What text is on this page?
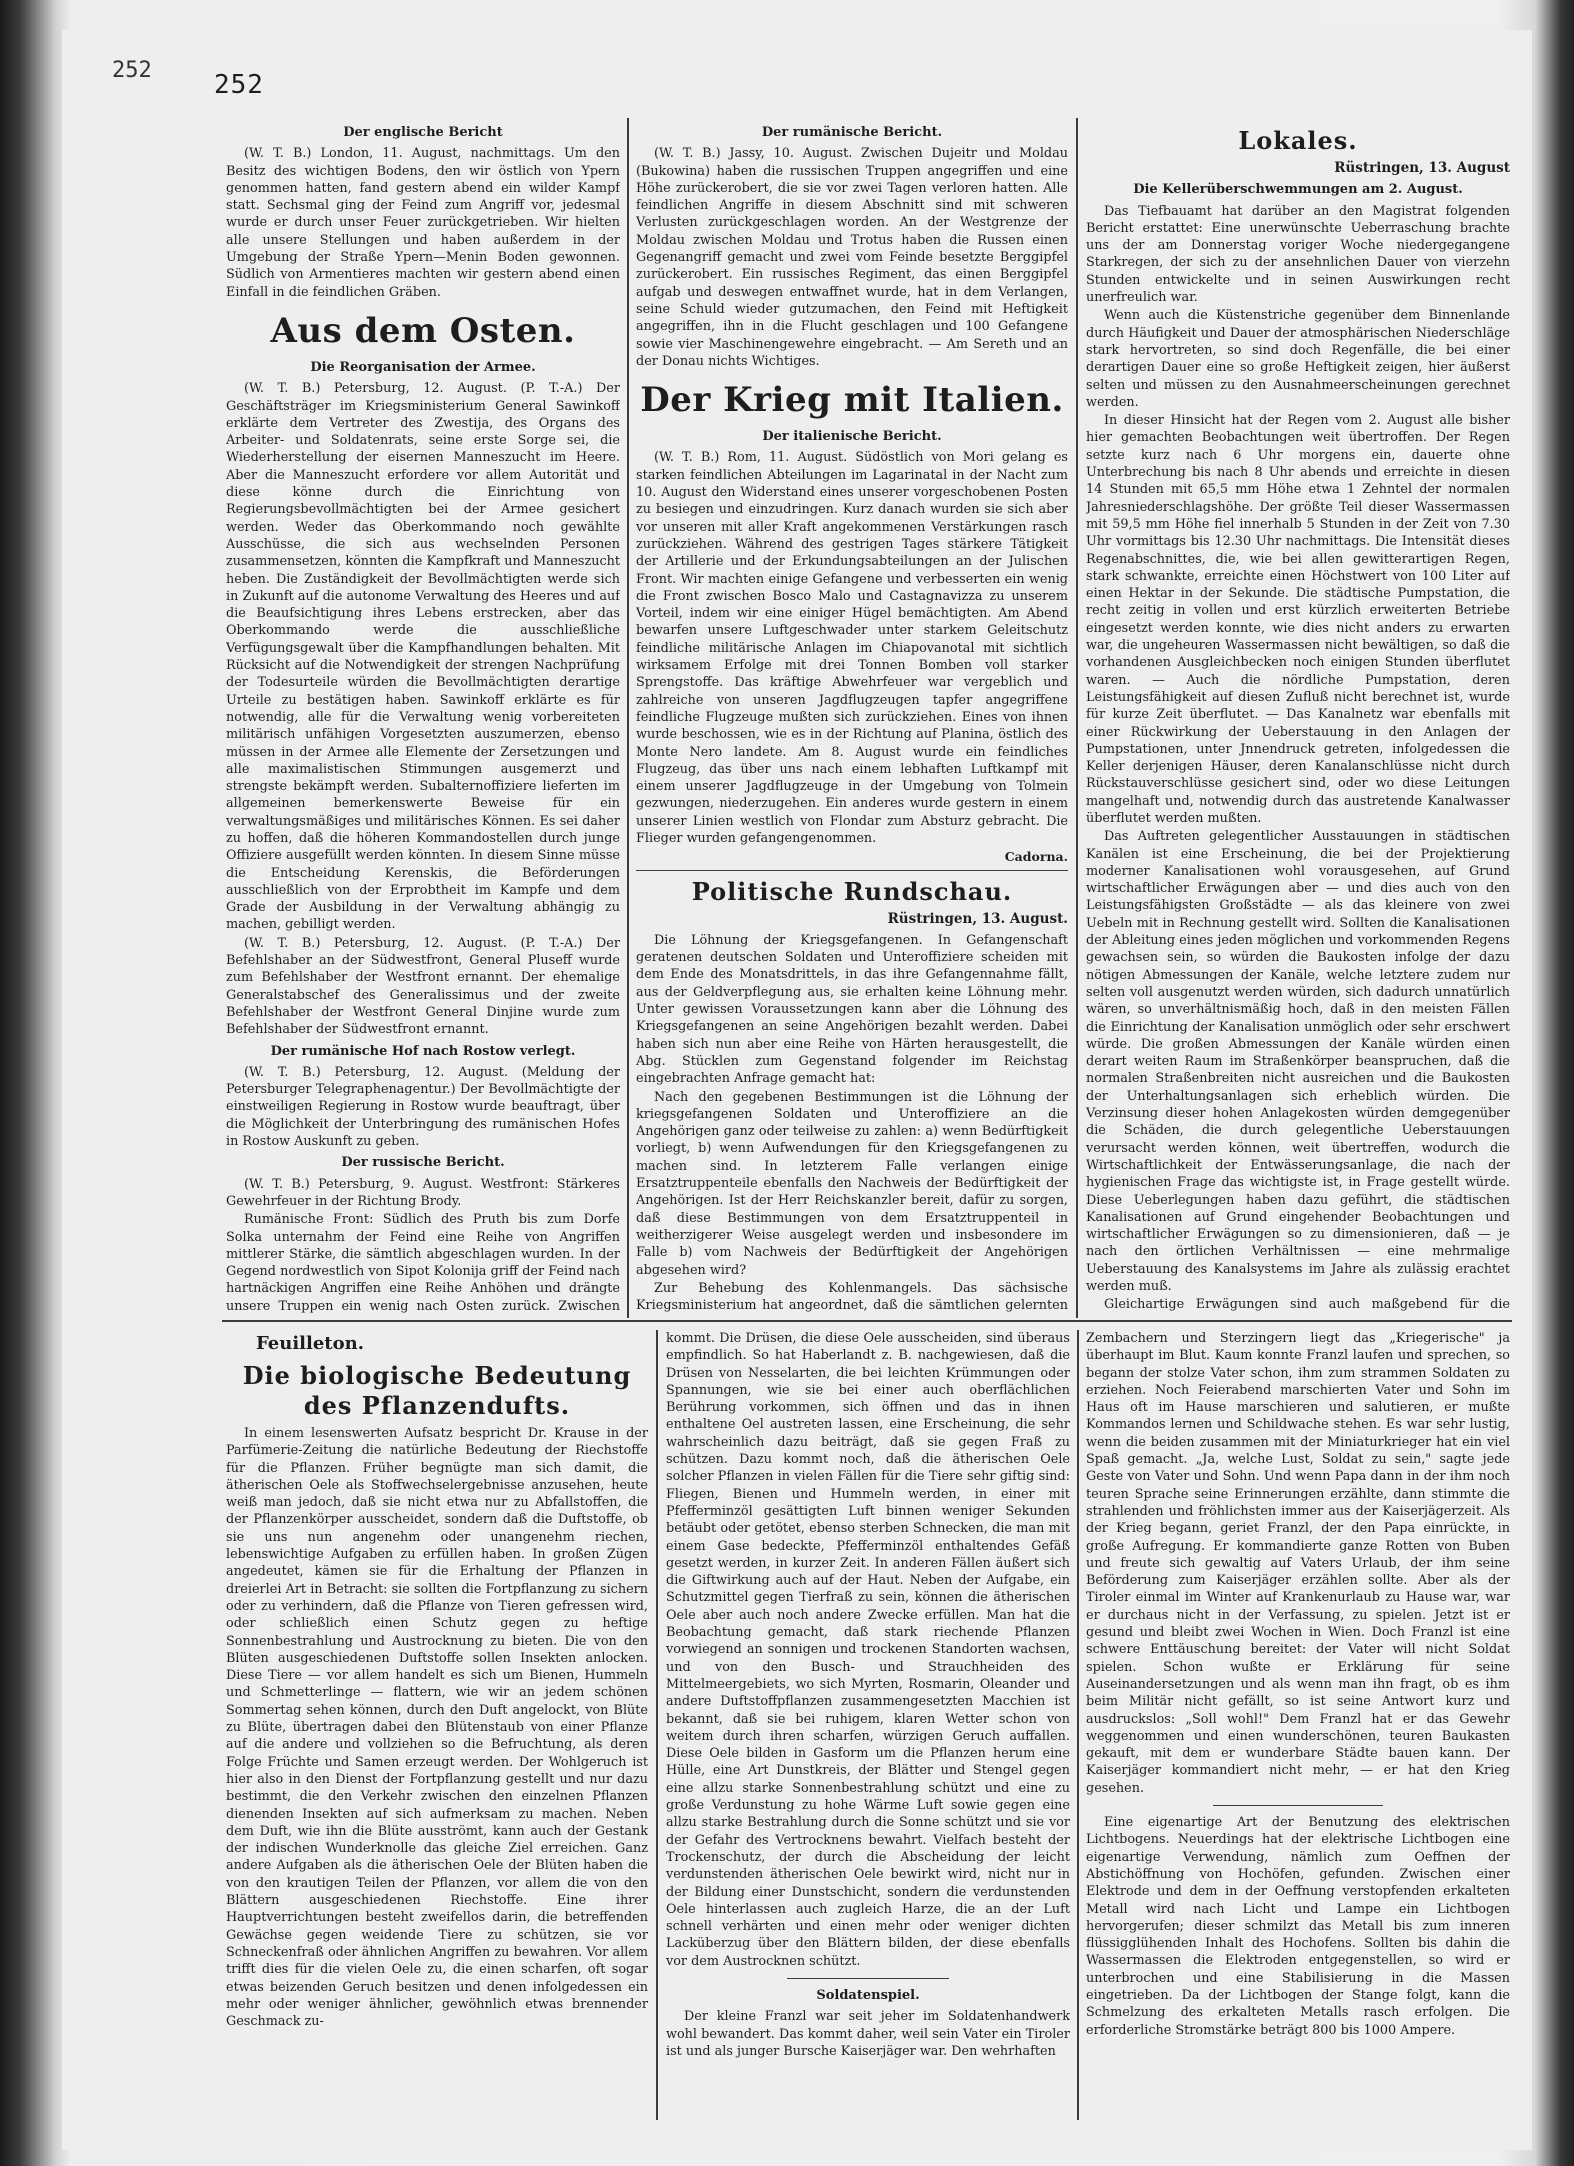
252 252
Der englische Bericht

(W. T. B.) London, 11. August, nachmittags. Um den Besitz des wichtigen Bodens, den wir östlich von Ypern genommen hatten, fand gestern abend ein wilder Kampf statt. Sechsmal ging der Feind zum Angriff vor, jedesmal wurde er durch unser Feuer zurückgetrieben. Wir hielten alle unsere Stellungen und haben außerdem in der Umgebung der Straße Ypern—Menin Boden gewonnen. Südlich von Armentieres machten wir gestern abend einen Einfall in die feindlichen Gräben.

Aus dem Osten.
Die Reorganisation der Armee.

(W. T. B.) Petersburg, 12. August. (P. T.-A.) Der Geschäftsträger im Kriegsministerium General Sawinkoff erklärte dem Vertreter des Zwestija, des Organs des Arbeiter- und Soldatenrats, seine erste Sorge sei, die Wiederherstellung der eisernen Manneszucht im Heere. Aber die Manneszucht erfordere vor allem Autorität und diese könne durch die Einrichtung von Regierungsbevollmächtigten bei der Armee gesichert werden. Weder das Oberkommando noch gewählte Ausschüsse, die sich aus wechselnden Personen zusammensetzen, könnten die Kampfkraft und Manneszucht heben. Die Zuständigkeit der Bevollmächtigten werde sich in Zukunft auf die autonome Verwaltung des Heeres und auf die Beaufsichtigung ihres Lebens erstrecken, aber das Oberkommando werde die ausschließliche Verfügungsgewalt über die Kampfhandlungen behalten. Mit Rücksicht auf die Notwendigkeit der strengen Nachprüfung der Todesurteile würden die Bevollmächtigten derartige Urteile zu bestätigen haben. Sawinkoff erklärte es für notwendig, alle für die Verwaltung wenig vorbereiteten militärisch unfähigen Vorgesetzten auszumerzen, ebenso müssen in der Armee alle Elemente der Zersetzungen und alle maximalistischen Stimmungen ausgemerzt und strengste bekämpft werden. Subalternoffiziere lieferten im allgemeinen bemerkenswerte Beweise für ein verwaltungsmäßiges und militärisches Können. Es sei daher zu hoffen, daß die höheren Kommandostellen durch junge Offiziere ausgefüllt werden könnten. In diesem Sinne müsse die Entscheidung Kerenskis, die Beförderungen ausschließlich von der Erprobtheit im Kampfe und dem Grade der Ausbildung in der Verwaltung abhängig zu machen, gebilligt werden.

(W. T. B.) Petersburg, 12. August. (P. T.-A.) Der Befehlshaber an der Südwestfront, General Pluseff wurde zum Befehlshaber der Westfront ernannt. Der ehemalige Generalstabschef des Generalissimus und der zweite Befehlshaber der Westfront General Dinjine wurde zum Befehlshaber der Südwestfront ernannt.

Der rumänische Hof nach Rostow verlegt.

(W. T. B.) Petersburg, 12. August. (Meldung der Petersburger Telegraphenagentur.) Der Bevollmächtigte der einstweiligen Regierung in Rostow wurde beauftragt, über die Möglichkeit der Unterbringung des rumänischen Hofes in Rostow Auskunft zu geben.

Der russische Bericht.

(W. T. B.) Petersburg, 9. August. Westfront: Stärkeres Gewehrfeuer in der Richtung Brody.

Rumänische Front: Südlich des Pruth bis zum Dorfe Solka unternahm der Feind eine Reihe von Angriffen mittlerer Stärke, die sämtlich abgeschlagen wurden. In der Gegend nordwestlich von Sipot Kolonija griff der Feind nach hartnäckigen Angriffen eine Reihe Anhöhen und drängte unsere Truppen ein wenig nach Osten zurück. Zwischen

Der rumänische Bericht.

(W. T. B.) Jassy, 10. August. Zwischen Dujeitr und Moldau (Bukowina) haben die russischen Truppen angegriffen und eine Höhe zurückerobert, die sie vor zwei Tagen verloren hatten. Alle feindlichen Angriffe in diesem Abschnitt sind mit schweren Verlusten zurückgeschlagen worden. An der Westgrenze der Moldau zwischen Moldau und Trotus haben die Russen einen Gegenangriff gemacht und zwei vom Feinde besetzte Berggipfel zurückerobert. Ein russisches Regiment, das einen Berggipfel aufgab und deswegen entwaffnet wurde, hat in dem Verlangen, seine Schuld wieder gutzumachen, den Feind mit Heftigkeit angegriffen, ihn in die Flucht geschlagen und 100 Gefangene sowie vier Maschinengewehre eingebracht. — Am Sereth und an der Donau nichts Wichtiges.

Der Krieg mit Italien.
Der italienische Bericht.

(W. T. B.) Rom, 11. August. Südöstlich von Mori gelang es starken feindlichen Abteilungen im Lagarinatal in der Nacht zum 10. August den Widerstand eines unserer vorgeschobenen Posten zu besiegen und einzudringen. Kurz danach wurden sie sich aber vor unseren mit aller Kraft angekommenen Verstärkungen rasch zurückziehen. Während des gestrigen Tages stärkere Tätigkeit der Artillerie und der Erkundungsabteilungen an der Julischen Front. Wir machten einige Gefangene und verbesserten ein wenig die Front zwischen Bosco Malo und Castagnavizza zu unserem Vorteil, indem wir eine einiger Hügel bemächtigten. Am Abend bewarfen unsere Luftgeschwader unter starkem Geleitschutz feindliche militärische Anlagen im Chiapovanotal mit sichtlich wirksamem Erfolge mit drei Tonnen Bomben voll starker Sprengstoffe. Das kräftige Abwehrfeuer war vergeblich und zahlreiche von unseren Jagdflugzeugen tapfer angegriffene feindliche Flugzeuge mußten sich zurückziehen. Eines von ihnen wurde beschossen, wie es in der Richtung auf Planina, östlich des Monte Nero landete. Am 8. August wurde ein feindliches Flugzeug, das über uns nach einem lebhaften Luftkampf mit einem unserer Jagdflugzeuge in der Umgebung von Tolmein gezwungen, niederzugehen. Ein anderes wurde gestern in einem unserer Linien westlich von Flondar zum Absturz gebracht. Die Flieger wurden gefangengenommen.

Cadorna.
Politische Rundschau.
Rüstringen, 13. August.

Die Löhnung der Kriegsgefangenen. In Gefangenschaft geratenen deutschen Soldaten und Unteroffiziere scheiden mit dem Ende des Monatsdrittels, in das ihre Gefangennahme fällt, aus der Geldverpflegung aus, sie erhalten keine Löhnung mehr. Unter gewissen Voraussetzungen kann aber die Löhnung des Kriegsgefangenen an seine Angehörigen bezahlt werden. Dabei haben sich nun aber eine Reihe von Härten herausgestellt, die Abg. Stücklen zum Gegenstand folgender im Reichstag eingebrachten Anfrage gemacht hat:

Nach den gegebenen Bestimmungen ist die Löhnung der kriegsgefangenen Soldaten und Unteroffiziere an die Angehörigen ganz oder teilweise zu zahlen: a) wenn Bedürftigkeit vorliegt, b) wenn Aufwendungen für den Kriegsgefangenen zu machen sind. In letzterem Falle verlangen einige Ersatztruppenteile ebenfalls den Nachweis der Bedürftigkeit der Angehörigen. Ist der Herr Reichskanzler bereit, dafür zu sorgen, daß diese Bestimmungen von dem Ersatztruppenteil in weitherzigerer Weise ausgelegt werden und insbesondere im Falle b) vom Nachweis der Bedürftigkeit der Angehörigen abgesehen wird?

Zur Behebung des Kohlenmangels. Das sächsische Kriegsministerium hat angeordnet, daß die sämtlichen gelernten

Lokales.
Rüstringen, 13. August
Die Kellerüberschwemmungen am 2. August.

Das Tiefbauamt hat darüber an den Magistrat folgenden Bericht erstattet: Eine unerwünschte Ueberraschung brachte uns der am Donnerstag voriger Woche niedergegangene Starkregen, der sich zu der ansehnlichen Dauer von vierzehn Stunden entwickelte und in seinen Auswirkungen recht unerfreulich war.

Wenn auch die Küstenstriche gegenüber dem Binnenlande durch Häufigkeit und Dauer der atmosphärischen Niederschläge stark hervortreten, so sind doch Regenfälle, die bei einer derartigen Dauer eine so große Heftigkeit zeigen, hier äußerst selten und müssen zu den Ausnahmeerscheinungen gerechnet werden.

In dieser Hinsicht hat der Regen vom 2. August alle bisher hier gemachten Beobachtungen weit übertroffen. Der Regen setzte kurz nach 6 Uhr morgens ein, dauerte ohne Unterbrechung bis nach 8 Uhr abends und erreichte in diesen 14 Stunden mit 65,5 mm Höhe etwa 1 Zehntel der normalen Jahresniederschlagshöhe. Der größte Teil dieser Wassermassen mit 59,5 mm Höhe fiel innerhalb 5 Stunden in der Zeit von 7.30 Uhr vormittags bis 12.30 Uhr nachmittags. Die Intensität dieses Regenabschnittes, die, wie bei allen gewitterartigen Regen, stark schwankte, erreichte einen Höchstwert von 100 Liter auf einen Hektar in der Sekunde. Die städtische Pumpstation, die recht zeitig in vollen und erst kürzlich erweiterten Betriebe eingesetzt werden konnte, wie dies nicht anders zu erwarten war, die ungeheuren Wassermassen nicht bewältigen, so daß die vorhandenen Ausgleichbecken noch einigen Stunden überflutet waren. — Auch die nördliche Pumpstation, deren Leistungsfähigkeit auf diesen Zufluß nicht berechnet ist, wurde für kurze Zeit überflutet. — Das Kanalnetz war ebenfalls mit einer Rückwirkung der Ueberstauung in den Anlagen der Pumpstationen, unter Jnnendruck getreten, infolgedessen die Keller derjenigen Häuser, deren Kanalanschlüsse nicht durch Rückstauverschlüsse gesichert sind, oder wo diese Leitungen mangelhaft und, notwendig durch das austretende Kanalwasser überflutet werden mußten.

Das Auftreten gelegentlicher Ausstauungen in städtischen Kanälen ist eine Erscheinung, die bei der Projektierung moderner Kanalisationen wohl vorausgesehen, auf Grund wirtschaftlicher Erwägungen aber — und dies auch von den Leistungsfähigsten Großstädte — als das kleinere von zwei Uebeln mit in Rechnung gestellt wird. Sollten die Kanalisationen der Ableitung eines jeden möglichen und vorkommenden Regens gewachsen sein, so würden die Baukosten infolge der dazu nötigen Abmessungen der Kanäle, welche letztere zudem nur selten voll ausgenutzt werden würden, sich dadurch unnatürlich wären, so unverhältnismäßig hoch, daß in den meisten Fällen die Einrichtung der Kanalisation unmöglich oder sehr erschwert würde. Die großen Abmessungen der Kanäle würden einen derart weiten Raum im Straßenkörper beanspruchen, daß die normalen Straßenbreiten nicht ausreichen und die Baukosten der Unterhaltungsanlagen sich erheblich würden. Die Verzinsung dieser hohen Anlagekosten würden demgegenüber die Schäden, die durch gelegentliche Ueberstauungen verursacht werden können, weit übertreffen, wodurch die Wirtschaftlichkeit der Entwässerungsanlage, die nach der hygienischen Frage das wichtigste ist, in Frage gestellt würde. Diese Ueberlegungen haben dazu geführt, die städtischen Kanalisationen auf Grund eingehender Beobachtungen und wirtschaftlicher Erwägungen so zu dimensionieren, daß — je nach den örtlichen Verhältnissen — eine mehrmalige Ueberstauung des Kanalsystems im Jahre als zulässig erachtet werden muß.

Gleichartige Erwägungen sind auch maßgebend für die

Feuilleton.
Die biologische Bedeutung des Pflanzendufts.

In einem lesenswerten Aufsatz bespricht Dr. Krause in der Parfümerie-Zeitung die natürliche Bedeutung der Riechstoffe für die Pflanzen. Früher begnügte man sich damit, die ätherischen Oele als Stoffwechselergebnisse anzusehen, heute weiß man jedoch, daß sie nicht etwa nur zu Abfallstoffen, die der Pflanzenkörper ausscheidet, sondern daß die Duftstoffe, ob sie uns nun angenehm oder unangenehm riechen, lebenswichtige Aufgaben zu erfüllen haben. In großen Zügen angedeutet, kämen sie für die Erhaltung der Pflanzen in dreierlei Art in Betracht: sie sollten die Fortpflanzung zu sichern oder zu verhindern, daß die Pflanze von Tieren gefressen wird, oder schließlich einen Schutz gegen zu heftige Sonnenbestrahlung und Austrocknung zu bieten. Die von den Blüten ausgeschiedenen Duftstoffe sollen Insekten anlocken. Diese Tiere — vor allem handelt es sich um Bienen, Hummeln und Schmetterlinge — flattern, wie wir an jedem schönen Sommertag sehen können, durch den Duft angelockt, von Blüte zu Blüte, übertragen dabei den Blütenstaub von einer Pflanze auf die andere und vollziehen so die Befruchtung, als deren Folge Früchte und Samen erzeugt werden. Der Wohlgeruch ist hier also in den Dienst der Fortpflanzung gestellt und nur dazu bestimmt, die den Verkehr zwischen den einzelnen Pflanzen dienenden Insekten auf sich aufmerksam zu machen. Neben dem Duft, wie ihn die Blüte ausströmt, kann auch der Gestank der indischen Wunderknolle das gleiche Ziel erreichen. Ganz andere Aufgaben als die ätherischen Oele der Blüten haben die von den krautigen Teilen der Pflanzen, vor allem die von den Blättern ausgeschiedenen Riechstoffe. Eine ihrer Hauptverrichtungen besteht zweifellos darin, die betreffenden Gewächse gegen weidende Tiere zu schützen, sie vor Schneckenfraß oder ähnlichen Angriffen zu bewahren. Vor allem trifft dies für die vielen Oele zu, die einen scharfen, oft sogar etwas beizenden Geruch besitzen und denen infolgedessen ein mehr oder weniger ähnlicher, gewöhnlich etwas brennender Geschmack zu-

kommt. Die Drüsen, die diese Oele ausscheiden, sind überaus empfindlich. So hat Haberlandt z. B. nachgewiesen, daß die Drüsen von Nesselarten, die bei leichten Krümmungen oder Spannungen, wie sie bei einer auch oberflächlichen Berührung vorkommen, sich öffnen und das in ihnen enthaltene Oel austreten lassen, eine Erscheinung, die sehr wahrscheinlich dazu beiträgt, daß sie gegen Fraß zu schützen. Dazu kommt noch, daß die ätherischen Oele solcher Pflanzen in vielen Fällen für die Tiere sehr giftig sind: Fliegen, Bienen und Hummeln werden, in einer mit Pfefferminzöl gesättigten Luft binnen weniger Sekunden betäubt oder getötet, ebenso sterben Schnecken, die man mit einem Gase bedeckte, Pfefferminzöl enthaltendes Gefäß gesetzt werden, in kurzer Zeit. In anderen Fällen äußert sich die Giftwirkung auch auf der Haut. Neben der Aufgabe, ein Schutzmittel gegen Tierfraß zu sein, können die ätherischen Oele aber auch noch andere Zwecke erfüllen. Man hat die Beobachtung gemacht, daß stark riechende Pflanzen vorwiegend an sonnigen und trockenen Standorten wachsen, und von den Busch- und Strauchheiden des Mittelmeergebiets, wo sich Myrten, Rosmarin, Oleander und andere Duftstoffpflanzen zusammengesetzten Macchien ist bekannt, daß sie bei ruhigem, klaren Wetter schon von weitem durch ihren scharfen, würzigen Geruch auffallen. Diese Oele bilden in Gasform um die Pflanzen herum eine Hülle, eine Art Dunstkreis, der Blätter und Stengel gegen eine allzu starke Sonnenbestrahlung schützt und eine zu große Verdunstung zu hohe Wärme Luft sowie gegen eine allzu starke Bestrahlung durch die Sonne schützt und sie vor der Gefahr des Vertrocknens bewahrt. Vielfach besteht der Trockenschutz, der durch die Abscheidung der leicht verdunstenden ätherischen Oele bewirkt wird, nicht nur in der Bildung einer Dunstschicht, sondern die verdunstenden Oele hinterlassen auch zugleich Harze, die an der Luft schnell verhärten und einen mehr oder weniger dichten Lacküberzug über den Blättern bilden, der diese ebenfalls vor dem Austrocknen schützt.

Soldatenspiel.

Der kleine Franzl war seit jeher im Soldatenhandwerk wohl bewandert. Das kommt daher, weil sein Vater ein Tiroler ist und als junger Bursche Kaiserjäger war. Den wehrhaften

Zembachern und Sterzingern liegt das „Kriegerische" ja überhaupt im Blut. Kaum konnte Franzl laufen und sprechen, so begann der stolze Vater schon, ihm zum strammen Soldaten zu erziehen. Noch Feierabend marschierten Vater und Sohn im Haus oft im Hause marschieren und salutieren, er mußte Kommandos lernen und Schildwache stehen. Es war sehr lustig, wenn die beiden zusammen mit der Miniaturkrieger hat ein viel Spaß gemacht. „Ja, welche Lust, Soldat zu sein," sagte jede Geste von Vater und Sohn. Und wenn Papa dann in der ihm noch teuren Sprache seine Erinnerungen erzählte, dann stimmte die strahlenden und fröhlichsten immer aus der Kaiserjägerzeit. Als der Krieg begann, geriet Franzl, der den Papa einrückte, in große Aufregung. Er kommandierte ganze Rotten von Buben und freute sich gewaltig auf Vaters Urlaub, der ihm seine Beförderung zum Kaiserjäger erzählen sollte. Aber als der Tiroler einmal im Winter auf Krankenurlaub zu Hause war, war er durchaus nicht in der Verfassung, zu spielen. Jetzt ist er gesund und bleibt zwei Wochen in Wien. Doch Franzl ist eine schwere Enttäuschung bereitet: der Vater will nicht Soldat spielen. Schon wußte er Erklärung für seine Auseinandersetzungen und als wenn man ihn fragt, ob es ihm beim Militär nicht gefällt, so ist seine Antwort kurz und ausdruckslos: „Soll wohl!" Dem Franzl hat er das Gewehr weggenommen und einen wunderschönen, teuren Baukasten gekauft, mit dem er wunderbare Städte bauen kann. Der Kaiserjäger kommandiert nicht mehr, — er hat den Krieg gesehen.

Eine eigenartige Art der Benutzung des elektrischen Lichtbogens. Neuerdings hat der elektrische Lichtbogen eine eigenartige Verwendung, nämlich zum Oeffnen der Abstichöffnung von Hochöfen, gefunden. Zwischen einer Elektrode und dem in der Oeffnung verstopfenden erkalteten Metall wird nach Licht und Lampe ein Lichtbogen hervorgerufen; dieser schmilzt das Metall bis zum inneren flüssigglühenden Inhalt des Hochofens. Sollten bis dahin die Wassermassen die Elektroden entgegenstellen, so wird er unterbrochen und eine Stabilisierung in die Massen eingetrieben. Da der Lichtbogen der Stange folgt, kann die Schmelzung des erkalteten Metalls rasch erfolgen. Die erforderliche Stromstärke beträgt 800 bis 1000 Ampere.
